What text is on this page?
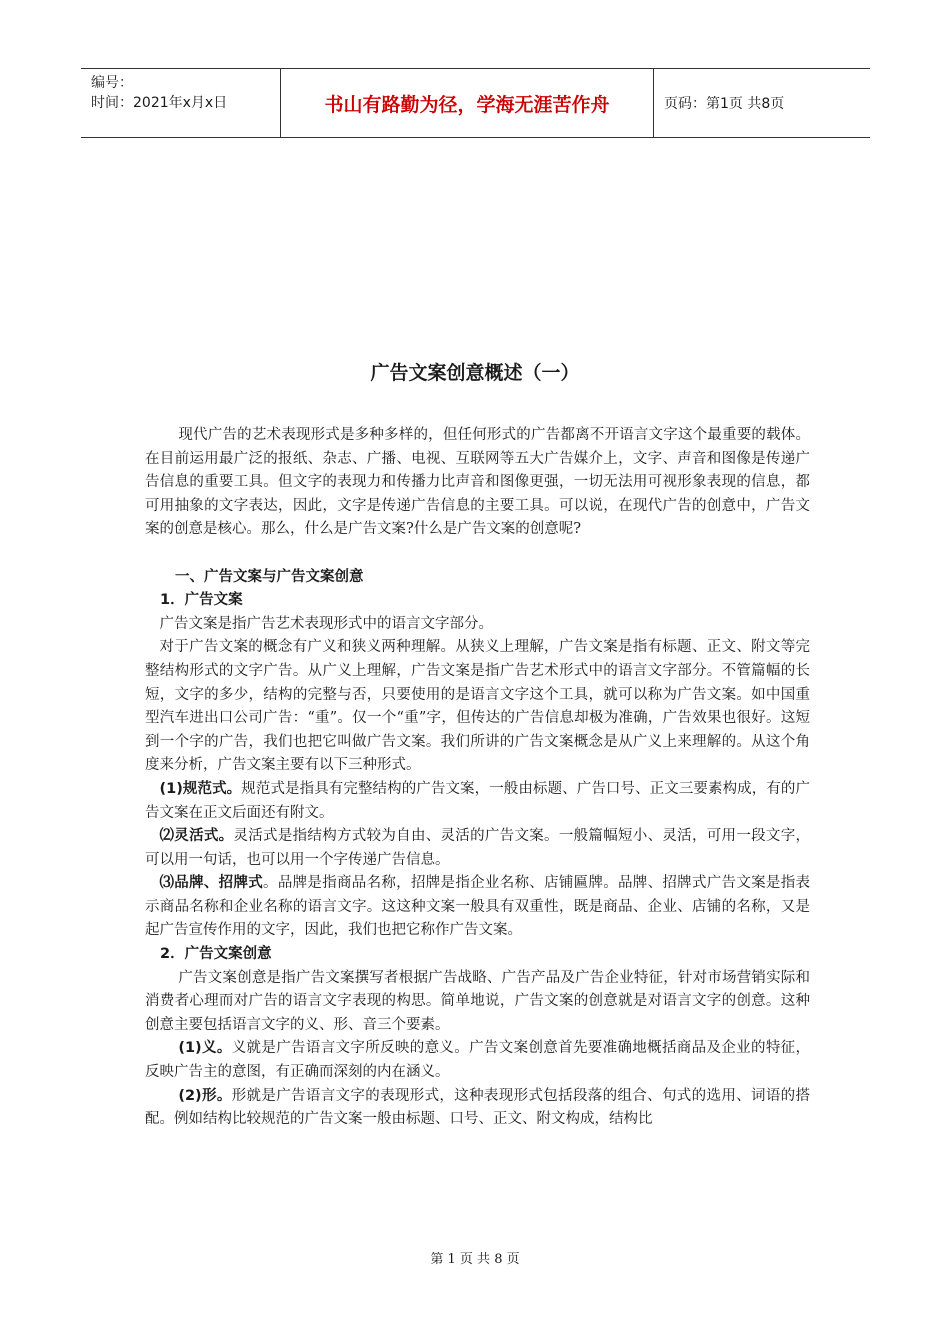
编号：
时间：2021年x月x日	书山有路勤为径，学海无涯苦作舟	页码：第1页 共8页
广告文案创意概述（一）

现代广告的艺术表现形式是多种多样的，但任何形式的广告都离不开语言文字这个最重要的载体。在目前运用最广泛的报纸、杂志、广播、电视、互联网等五大广告媒介上，文字、声音和图像是传递广告信息的重要工具。但文字的表现力和传播力比声音和图像更强，一切无法用可视形象表现的信息，都可用抽象的文字表达，因此，文字是传递广告信息的主要工具。可以说，在现代广告的创意中，广告文案的创意是核心。那么，什么是广告文案?什么是广告文案的创意呢?

一、广告文案与广告文案创意

1．广告文案

广告文案是指广告艺术表现形式中的语言文字部分。

对于广告文案的概念有广义和狭义两种理解。从狭义上理解，广告文案是指有标题、正文、附文等完整结构形式的文字广告。从广义上理解，广告文案是指广告艺术形式中的语言文字部分。不管篇幅的长短，文字的多少，结构的完整与否，只要使用的是语言文字这个工具，就可以称为广告文案。如中国重型汽车进出口公司广告：“重”。仅一个“重”字，但传达的广告信息却极为准确，广告效果也很好。这短到一个字的广告，我们也把它叫做广告文案。我们所讲的广告文案概念是从广义上来理解的。从这个角度来分析，广告文案主要有以下三种形式。

(1)规范式。规范式是指具有完整结构的广告文案，一般由标题、广告口号、正文三要素构成，有的广告文案在正文后面还有附文。

⑵灵活式。灵活式是指结构方式较为自由、灵活的广告文案。一般篇幅短小、灵活，可用一段文字，可以用一句话，也可以用一个字传递广告信息。

⑶品牌、招牌式。品牌是指商品名称，招牌是指企业名称、店铺匾牌。品牌、招牌式广告文案是指表示商品名称和企业名称的语言文字。这这种文案一般具有双重性，既是商品、企业、店铺的名称，又是起广告宣传作用的文字，因此，我们也把它称作广告文案。

2．广告文案创意

广告文案创意是指广告文案撰写者根据广告战略、广告产品及广告企业特征，针对市场营销实际和消费者心理而对广告的语言文字表现的构思。简单地说，广告文案的创意就是对语言文字的创意。这种创意主要包括语言文字的义、形、音三个要素。

(1)义。义就是广告语言文字所反映的意义。广告文案创意首先要准确地概括商品及企业的特征，反映广告主的意图，有正确而深刻的内在涵义。

(2)形。形就是广告语言文字的表现形式，这种表现形式包括段落的组合、句式的选用、词语的搭配。例如结构比较规范的广告文案一般由标题、口号、正文、附文构成，结构比

第 1 页 共 8 页
